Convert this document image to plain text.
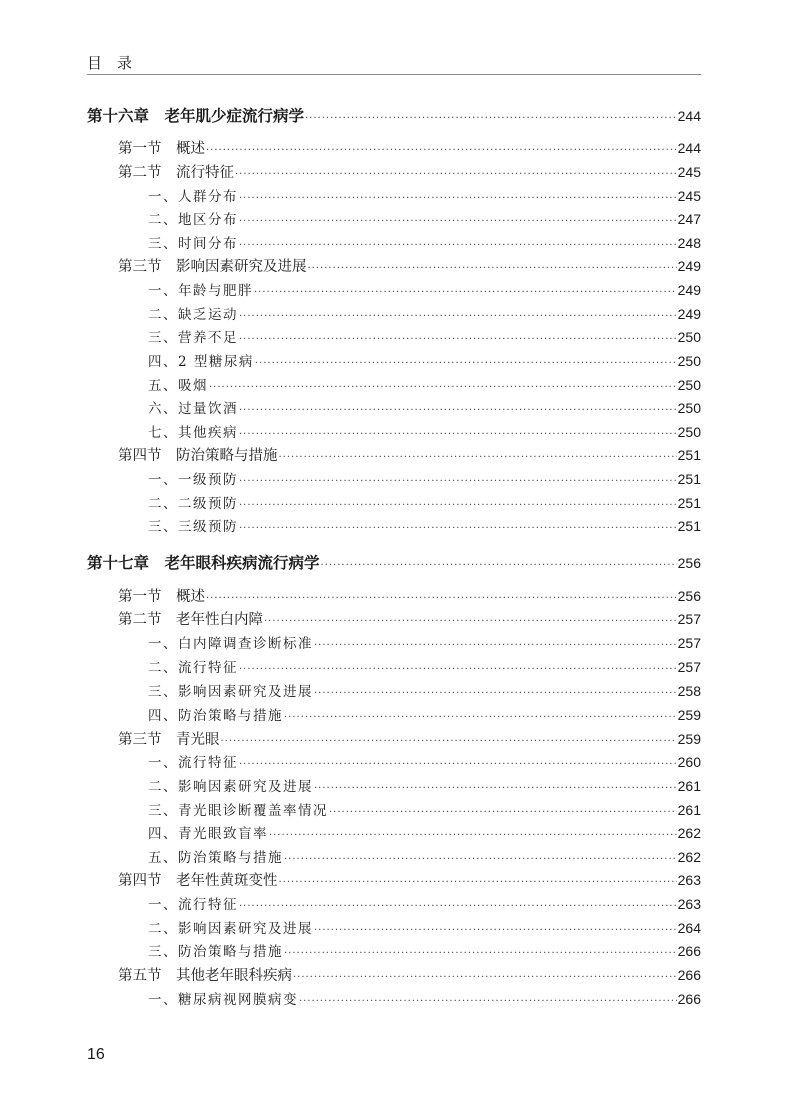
目　录
第十六章　老年肌少症流行病学 ·····	244
第一节　概述 ·····	244
第二节　流行特征 ·····	245
一、人群分布 ·····	245
二、地区分布 ·····	247
三、时间分布 ·····	248
第三节　影响因素研究及进展 ·····	249
一、年龄与肥胖 ·····	249
二、缺乏运动 ·····	249
三、营养不足 ·····	250
四、2 型糖尿病 ·····	250
五、吸烟 ·····	250
六、过量饮酒 ·····	250
七、其他疾病 ·····	250
第四节　防治策略与措施 ·····	251
一、一级预防 ·····	251
二、二级预防 ·····	251
三、三级预防 ·····	251
第十七章　老年眼科疾病流行病学 ·····	256
第一节　概述 ·····	256
第二节　老年性白内障 ·····	257
一、白内障调查诊断标准 ·····	257
二、流行特征 ·····	257
三、影响因素研究及进展 ·····	258
四、防治策略与措施 ·····	259
第三节　青光眼 ·····	259
一、流行特征 ·····	260
二、影响因素研究及进展 ·····	261
三、青光眼诊断覆盖率情况 ·····	261
四、青光眼致盲率 ·····	262
五、防治策略与措施 ·····	262
第四节　老年性黄斑变性 ·····	263
一、流行特征 ·····	263
二、影响因素研究及进展 ·····	264
三、防治策略与措施 ·····	266
第五节　其他老年眼科疾病 ·····	266
一、糖尿病视网膜病变 ·····	266
16
